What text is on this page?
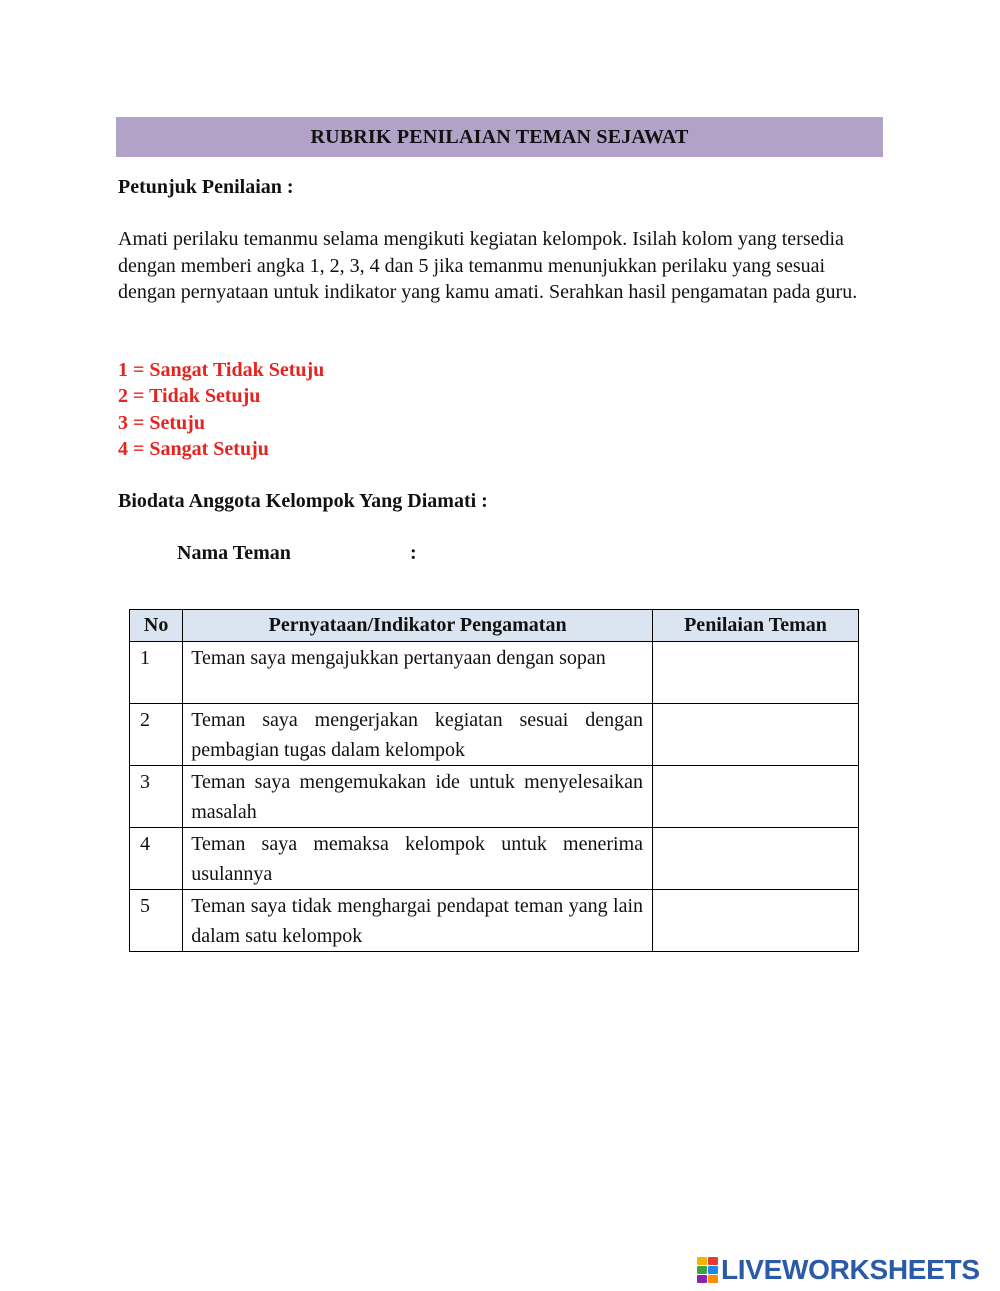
RUBRIK PENILAIAN TEMAN SEJAWAT
Petunjuk Penilaian :
Amati perilaku temanmu selama mengikuti kegiatan kelompok. Isilah kolom yang tersedia dengan memberi angka 1, 2, 3, 4 dan 5 jika temanmu menunjukkan perilaku yang sesuai dengan pernyataan untuk indikator yang kamu amati. Serahkan hasil pengamatan pada guru.
1 = Sangat Tidak Setuju
2 = Tidak Setuju
3 = Setuju
4 = Sangat Setuju
Biodata Anggota Kelompok Yang Diamati :
Nama Teman	:
No	Pernyataan/Indikator Pengamatan	Penilaian Teman
1	Teman saya mengajukkan pertanyaan dengan sopan	
2	Teman saya mengerjakan kegiatan sesuai dengan pembagian tugas dalam kelompok	
3	Teman saya mengemukakan ide untuk menyelesaikan masalah	
4	Teman saya memaksa kelompok untuk menerima usulannya	
5	Teman saya tidak menghargai pendapat teman yang lain dalam satu kelompok	
LIVEWORKSHEETS
